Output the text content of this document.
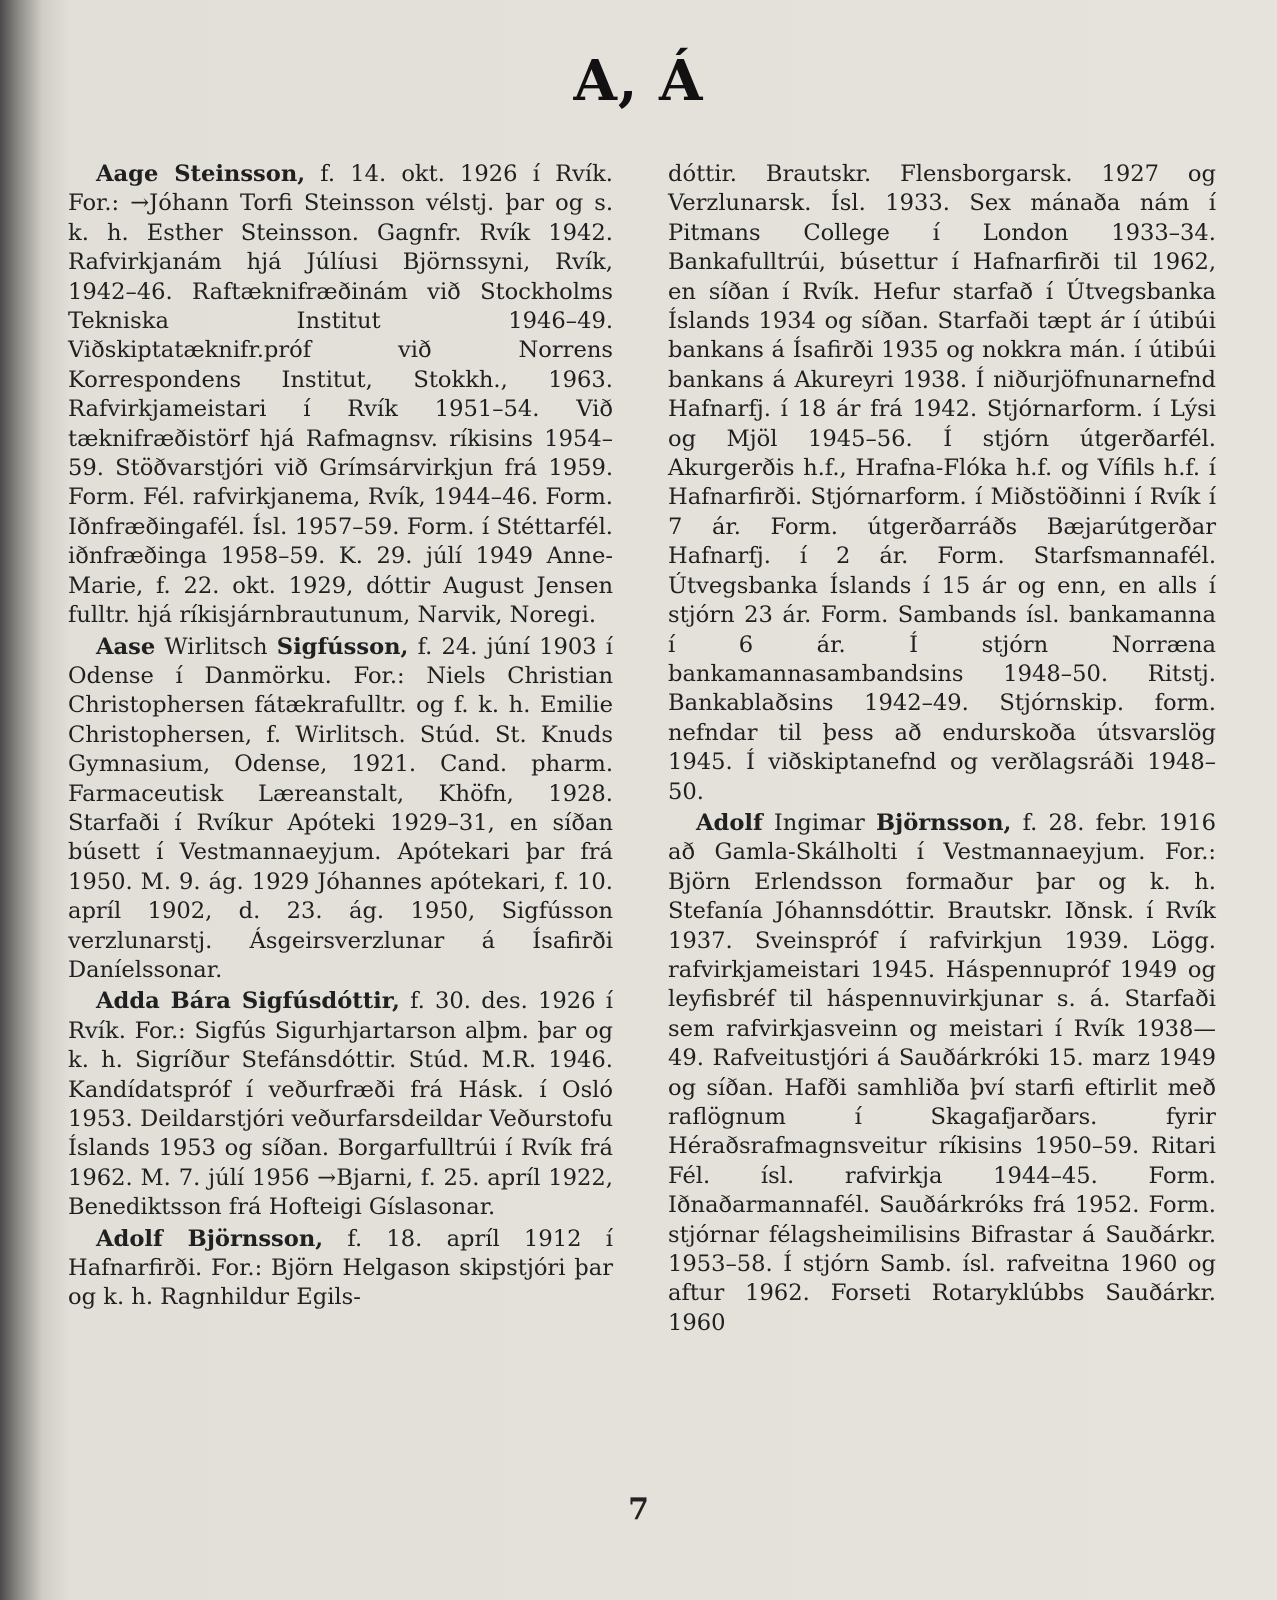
A, Á

Aage Steinsson, f. 14. okt. 1926 í Rvík. For.: →Jóhann Torfi Steinsson vélstj. þar og s. k. h. Esther Steinsson. Gagnfr. Rvík 1942. Rafvirkjanám hjá Júlíusi Björnssyni, Rvík, 1942–46. Raftæknifræðinám við Stockholms Tekniska Institut 1946–49. Viðskiptatæknifr.próf við Norrens Korrespondens Institut, Stokkh., 1963. Rafvirkjameistari í Rvík 1951–54. Við tæknifræðistörf hjá Rafmagnsv. ríkisins 1954–59. Stöðvarstjóri við Grímsárvirkjun frá 1959. Form. Fél. rafvirkjanema, Rvík, 1944–46. Form. Iðnfræðingafél. Ísl. 1957–59. Form. í Stéttarfél. iðnfræðinga 1958–59. K. 29. júlí 1949 Anne-Marie, f. 22. okt. 1929, dóttir August Jensen fulltr. hjá ríkisjárnbrautunum, Narvik, Noregi.

Aase Wirlitsch Sigfússon, f. 24. júní 1903 í Odense í Danmörku. For.: Niels Christian Christophersen fátækrafulltr. og f. k. h. Emilie Christophersen, f. Wirlitsch. Stúd. St. Knuds Gymnasium, Odense, 1921. Cand. pharm. Farmaceutisk Læreanstalt, Khöfn, 1928. Starfaði í Rvíkur Apóteki 1929–31, en síðan búsett í Vestmannaeyjum. Apótekari þar frá 1950. M. 9. ág. 1929 Jóhannes apótekari, f. 10. apríl 1902, d. 23. ág. 1950, Sigfússon verzlunarstj. Ásgeirsverzlunar á Ísafirði Daníelssonar.

Adda Bára Sigfúsdóttir, f. 30. des. 1926 í Rvík. For.: Sigfús Sigurhjartarson alþm. þar og k. h. Sigríður Stefánsdóttir. Stúd. M.R. 1946. Kandídatspróf í veðurfræði frá Hásk. í Osló 1953. Deildarstjóri veðurfarsdeildar Veðurstofu Íslands 1953 og síðan. Borgarfulltrúi í Rvík frá 1962. M. 7. júlí 1956 →Bjarni, f. 25. apríl 1922, Benediktsson frá Hofteigi Gíslasonar.

Adolf Björnsson, f. 18. apríl 1912 í Hafnarfirði. For.: Björn Helgason skipstjóri þar og k. h. Ragnhildur Egils-

dóttir. Brautskr. Flensborgarsk. 1927 og Verzlunarsk. Ísl. 1933. Sex mánaða nám í Pitmans College í London 1933–34. Bankafulltrúi, búsettur í Hafnarfirði til 1962, en síðan í Rvík. Hefur starfað í Útvegsbanka Íslands 1934 og síðan. Starfaði tæpt ár í útibúi bankans á Ísafirði 1935 og nokkra mán. í útibúi bankans á Akureyri 1938. Í niðurjöfnunarnefnd Hafnarfj. í 18 ár frá 1942. Stjórnarform. í Lýsi og Mjöl 1945–56. Í stjórn útgerðarfél. Akurgerðis h.f., Hrafna-Flóka h.f. og Vífils h.f. í Hafnarfirði. Stjórnarform. í Miðstöðinni í Rvík í 7 ár. Form. útgerðarráðs Bæjarútgerðar Hafnarfj. í 2 ár. Form. Starfsmannafél. Útvegsbanka Íslands í 15 ár og enn, en alls í stjórn 23 ár. Form. Sambands ísl. bankamanna í 6 ár. Í stjórn Norræna bankamannasambandsins 1948–50. Ritstj. Bankablaðsins 1942–49. Stjórnskip. form. nefndar til þess að endurskoða útsvarslög 1945. Í viðskiptanefnd og verðlagsráði 1948–50.

Adolf Ingimar Björnsson, f. 28. febr. 1916 að Gamla-Skálholti í Vestmannaeyjum. For.: Björn Erlendsson formaður þar og k. h. Stefanía Jóhannsdóttir. Brautskr. Iðnsk. í Rvík 1937. Sveinspróf í rafvirkjun 1939. Lögg. rafvirkjameistari 1945. Háspennupróf 1949 og leyfisbréf til háspennuvirkjunar s. á. Starfaði sem rafvirkjasveinn og meistari í Rvík 1938—49. Rafveitustjóri á Sauðárkróki 15. marz 1949 og síðan. Hafði samhliða því starfi eftirlit með raflögnum í Skagafjarðars. fyrir Héraðsrafmagnsveitur ríkisins 1950–59. Ritari Fél. ísl. rafvirkja 1944–45. Form. Iðnaðarmannafél. Sauðárkróks frá 1952. Form. stjórnar félagsheimilisins Bifrastar á Sauðárkr. 1953–58. Í stjórn Samb. ísl. rafveitna 1960 og aftur 1962. Forseti Rotaryklúbbs Sauðárkr. 1960

7
